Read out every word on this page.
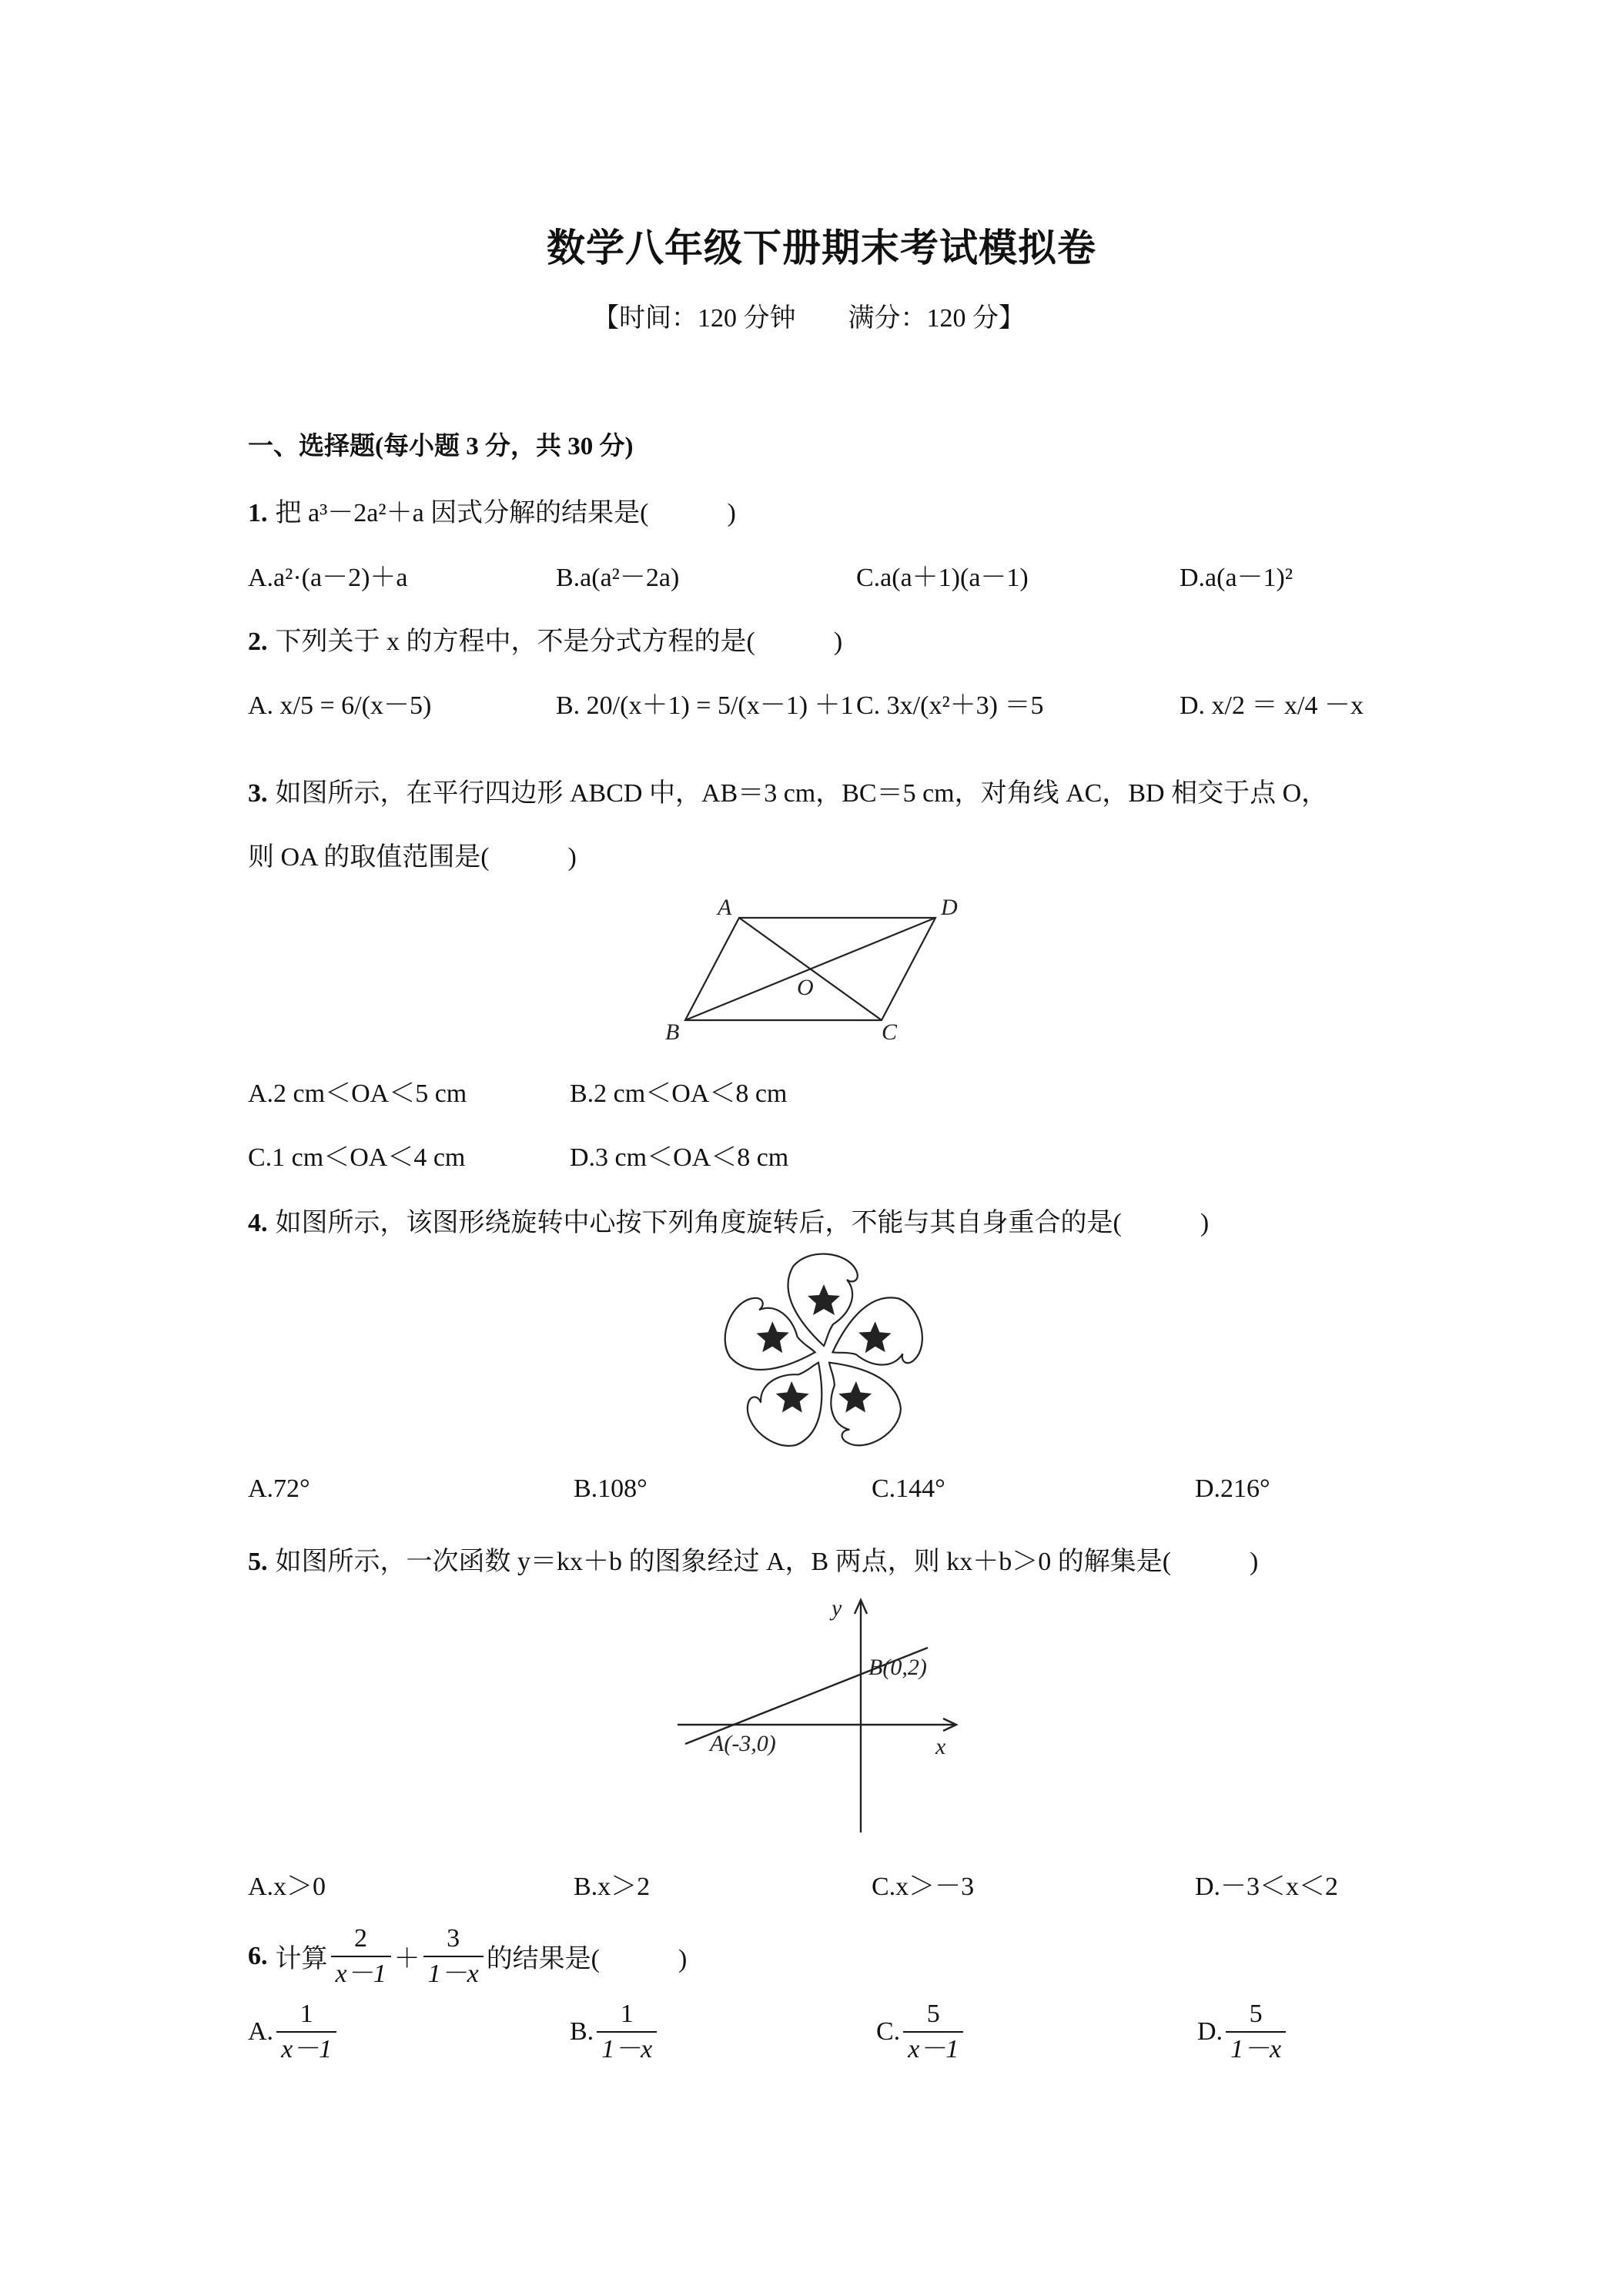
数学八年级下册期末考试模拟卷
【时间：120 分钟　　满分：120 分】
一、选择题(每小题 3 分，共 30 分)
1. 把 a³－2a²＋a 因式分解的结果是(　　　)
A.a²·(a－2)＋a	B.a(a²－2a)	C.a(a＋1)(a－1)	D.a(a－1)²
2. 下列关于 x 的方程中，不是分式方程的是(　　　)
A. x/5 = 6/(x－5)	B. 20/(x＋1) = 5/(x－1) ＋1 C. 3x/(x²＋3) ＝5	D. x/2 ＝ x/4 －x
3. 如图所示，在平行四边形 ABCD 中，AB＝3 cm，BC＝5 cm，对角线 AC，BD 相交于点 O，
则 OA 的取值范围是(　　　)
A	D
O
B	C
A.2 cm＜OA＜5 cm	B.2 cm＜OA＜8 cm
C.1 cm＜OA＜4 cm	D.3 cm＜OA＜8 cm
4. 如图所示，该图形绕旋转中心按下列角度旋转后，不能与其自身重合的是(　　　)
A.72°	B.108°	C.144°	D.216°
5. 如图所示，一次函数 y＝kx＋b 的图象经过 A，B 两点，则 kx＋b＞0 的解集是(　　　)
y
x
B(0,2)
A(-3,0)
A.x＞0	B.x＞2	C.x＞－3	D.－3＜x＜2
6. 计算 $\frac{2}{x-1} + \frac{3}{1-x}$ 的结果是(　　　)
A. $\frac{1}{x-1}$	B. $\frac{1}{1-x}$	C. $\frac{5}{x-1}$	D. $\frac{5}{1-x}$
